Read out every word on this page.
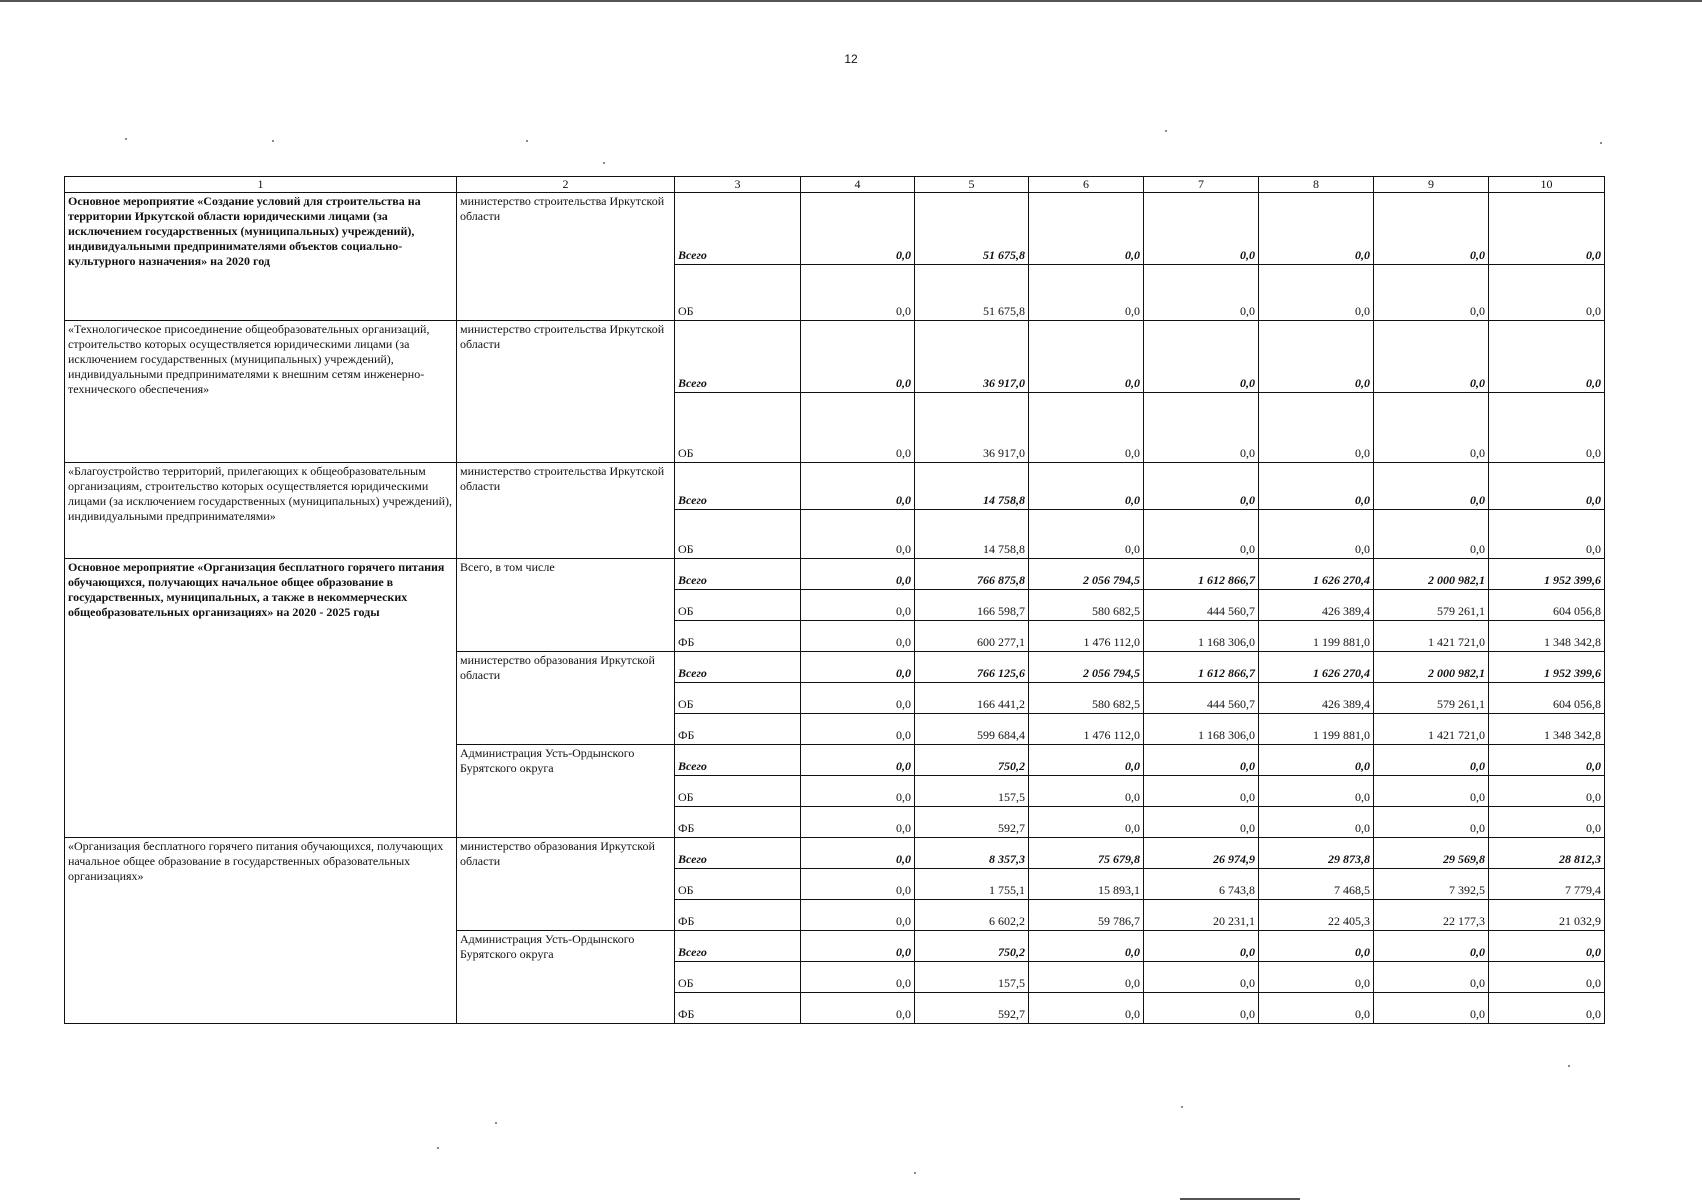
12
1	2	3	4	5	6	7	8	9	10
Основное мероприятие «Создание условий для строительства на территории Иркутской области юридическими лицами (за исключением государственных (муниципальных) учреждений), индивидуальными предпринимателями объектов социально-культурного назначения» на 2020 год	министерство строительства Иркутской области	Всего	0,0	51 675,8	0,0	0,0	0,0	0,0	0,0
		ОБ	0,0	51 675,8	0,0	0,0	0,0	0,0	0,0
«Технологическое присоединение общеобразовательных организаций, строительство которых осуществляется юридическими лицами (за исключением государственных (муниципальных) учреждений), индивидуальными предпринимателями к внешним сетям инженерно-технического обеспечения»	министерство строительства Иркутской области	Всего	0,0	36 917,0	0,0	0,0	0,0	0,0	0,0
		ОБ	0,0	36 917,0	0,0	0,0	0,0	0,0	0,0
«Благоустройство территорий, прилегающих к общеобразовательным организациям, строительство которых осуществляется юридическими лицами (за исключением государственных (муниципальных) учреждений), индивидуальными предпринимателями»	министерство строительства Иркутской области	Всего	0,0	14 758,8	0,0	0,0	0,0	0,0	0,0
		ОБ	0,0	14 758,8	0,0	0,0	0,0	0,0	0,0
Основное мероприятие «Организация бесплатного горячего питания обучающихся, получающих начальное общее образование в государственных, муниципальных, а также в некоммерческих общеобразовательных организациях» на 2020 - 2025 годы	Всего, в том числе	Всего	0,0	766 875,8	2 056 794,5	1 612 866,7	1 626 270,4	2 000 982,1	1 952 399,6
		ОБ	0,0	166 598,7	580 682,5	444 560,7	426 389,4	579 261,1	604 056,8
		ФБ	0,0	600 277,1	1 476 112,0	1 168 306,0	1 199 881,0	1 421 721,0	1 348 342,8
	министерство образования Иркутской области	Всего	0,0	766 125,6	2 056 794,5	1 612 866,7	1 626 270,4	2 000 982,1	1 952 399,6
		ОБ	0,0	166 441,2	580 682,5	444 560,7	426 389,4	579 261,1	604 056,8
		ФБ	0,0	599 684,4	1 476 112,0	1 168 306,0	1 199 881,0	1 421 721,0	1 348 342,8
	Администрация Усть-Ордынского Бурятского округа	Всего	0,0	750,2	0,0	0,0	0,0	0,0	0,0
		ОБ	0,0	157,5	0,0	0,0	0,0	0,0	0,0
		ФБ	0,0	592,7	0,0	0,0	0,0	0,0	0,0
«Организация бесплатного горячего питания обучающихся, получающих начальное общее образование в государственных образовательных организациях»	министерство образования Иркутской области	Всего	0,0	8 357,3	75 679,8	26 974,9	29 873,8	29 569,8	28 812,3
		ОБ	0,0	1 755,1	15 893,1	6 743,8	7 468,5	7 392,5	7 779,4
		ФБ	0,0	6 602,2	59 786,7	20 231,1	22 405,3	22 177,3	21 032,9
	Администрация Усть-Ордынского Бурятского округа	Всего	0,0	750,2	0,0	0,0	0,0	0,0	0,0
		ОБ	0,0	157,5	0,0	0,0	0,0	0,0	0,0
		ФБ	0,0	592,7	0,0	0,0	0,0	0,0	0,0
